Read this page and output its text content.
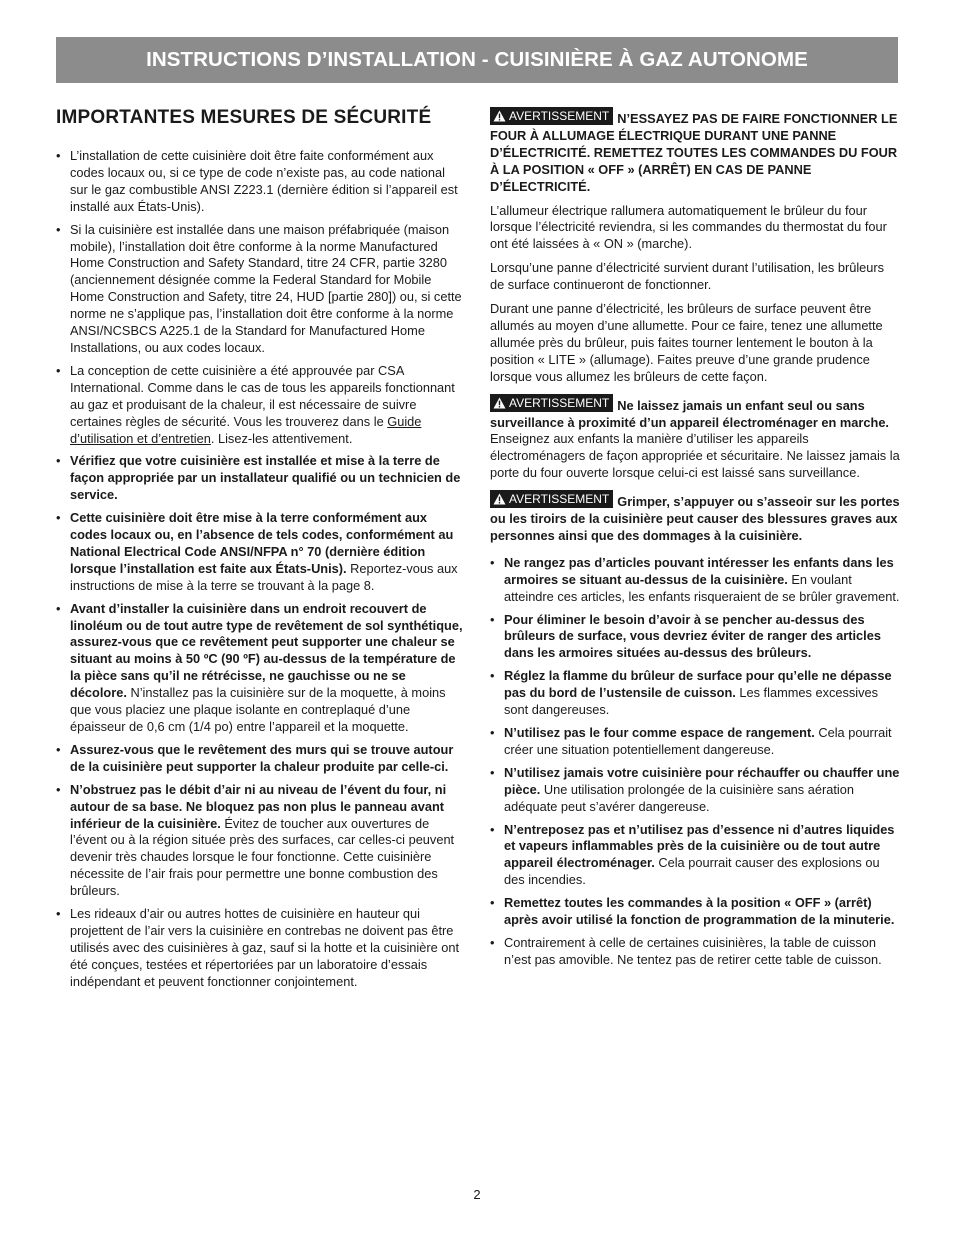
INSTRUCTIONS D’INSTALLATION - CUISINIÈRE À GAZ AUTONOME
IMPORTANTES MESURES DE SÉCURITÉ
• L’installation de cette cuisinière doit être faite conformément aux codes locaux ou, si ce type de code n’existe pas, au code national sur le gaz combustible ANSI Z223.1 (dernière édition si l’appareil est installé aux États-Unis).
• Si la cuisinière est installée dans une maison préfabriquée (maison mobile), l’installation doit être conforme à la norme Manufactured Home Construction and Safety Standard, titre 24 CFR, partie 3280 (anciennement désignée comme la Federal Standard for Mobile Home Construction and Safety, titre 24, HUD [partie 280]) ou, si cette norme ne s’applique pas, l’installation doit être conforme à la norme ANSI/NCSBCS A225.1 de la Standard for Manufactured Home Installations, ou aux codes locaux.
• La conception de cette cuisinière a été approuvée par CSA International. Comme dans le cas de tous les appareils fonctionnant au gaz et produisant de la chaleur, il est nécessaire de suivre certaines règles de sécurité. Vous les trouverez dans le Guide d’utilisation et d’entretien. Lisez-les attentivement.
• Vérifiez que votre cuisinière est installée et mise à la terre de façon appropriée par un installateur qualifié ou un technicien de service.
• Cette cuisinière doit être mise à la terre conformément aux codes locaux ou, en l’absence de tels codes, conformément au National Electrical Code ANSI/NFPA n° 70 (dernière édition lorsque l’installation est faite aux États-Unis). Reportez-vous aux instructions de mise à la terre se trouvant à la page 8.
• Avant d’installer la cuisinière dans un endroit recouvert de linoléum ou de tout autre type de revêtement de sol synthétique, assurez-vous que ce revêtement peut supporter une chaleur se situant au moins à 50 ºC (90 ºF) au-dessus de la température de la pièce sans qu’il ne rétrécisse, ne gauchisse ou ne se décolore. N’installez pas la cuisinière sur de la moquette, à moins que vous placiez une plaque isolante en contreplaqué d’une épaisseur de 0,6 cm (1/4 po) entre l’appareil et la moquette.
• Assurez-vous que le revêtement des murs qui se trouve autour de la cuisinière peut supporter la chaleur produite par celle-ci.
• N’obstruez pas le débit d’air ni au niveau de l’évent du four, ni autour de sa base. Ne bloquez pas non plus le panneau avant inférieur de la cuisinière. Évitez de toucher aux ouvertures de l’évent ou à la région située près des surfaces, car celles-ci peuvent devenir très chaudes lorsque le four fonctionne. Cette cuisinière nécessite de l’air frais pour permettre une bonne combustion des brûleurs.
• Les rideaux d’air ou autres hottes de cuisinière en hauteur qui projettent de l’air vers la cuisinière en contrebas ne doivent pas être utilisés avec des cuisinières à gaz, sauf si la hotte et la cuisinière ont été conçues, testées et répertoriées par un laboratoire d’essais indépendant et peuvent fonctionner conjointement.
AVERTISSEMENT N’ESSAYEZ PAS DE FAIRE FONCTIONNER LE FOUR À ALLUMAGE ÉLECTRIQUE DURANT UNE PANNE D’ÉLECTRICITÉ. REMETTEZ TOUTES LES COMMANDES DU FOUR À LA POSITION « OFF » (ARRÊT) EN CAS DE PANNE D’ÉLECTRICITÉ.

L’allumeur électrique rallumera automatiquement le brûleur du four lorsque l’électricité reviendra, si les commandes du thermostat du four ont été laissées à « ON » (marche).

Lorsqu’une panne d’électricité survient durant l’utilisation, les brûleurs de surface continueront de fonctionner.

Durant une panne d’électricité, les brûleurs de surface peuvent être allumés au moyen d’une allumette. Pour ce faire, tenez une allumette allumée près du brûleur, puis faites tourner lentement le bouton à la position « LITE » (allumage). Faites preuve d’une grande prudence lorsque vous allumez les brûleurs de cette façon.

AVERTISSEMENT Ne laissez jamais un enfant seul ou sans surveillance à proximité d’un appareil électroménager en marche. Enseignez aux enfants la manière d’utiliser les appareils électroménagers de façon appropriée et sécuritaire. Ne laissez jamais la porte du four ouverte lorsque celui-ci est laissé sans surveillance.
AVERTISSEMENT Grimper, s’appuyer ou s’asseoir sur les portes ou les tiroirs de la cuisinière peut causer des blessures graves aux personnes ainsi que des dommages à la cuisinière.
• Ne rangez pas d’articles pouvant intéresser les enfants dans les armoires se situant au-dessus de la cuisinière. En voulant atteindre ces articles, les enfants risqueraient de se brûler gravement.
• Pour éliminer le besoin d’avoir à se pencher au-dessus des brûleurs de surface, vous devriez éviter de ranger des articles dans les armoires situées au-dessus des brûleurs.
• Réglez la flamme du brûleur de surface pour qu’elle ne dépasse pas du bord de l’ustensile de cuisson. Les flammes excessives sont dangereuses.
• N’utilisez pas le four comme espace de rangement. Cela pourrait créer une situation potentiellement dangereuse.
• N’utilisez jamais votre cuisinière pour réchauffer ou chauffer une pièce. Une utilisation prolongée de la cuisinière sans aération adéquate peut s’avérer dangereuse.
• N’entreposez pas et n’utilisez pas d’essence ni d’autres liquides et vapeurs inflammables près de la cuisinière ou de tout autre appareil électroménager. Cela pourrait causer des explosions ou des incendies.
• Remettez toutes les commandes à la position « OFF » (arrêt) après avoir utilisé la fonction de programmation de la minuterie.
• Contrairement à celle de certaines cuisinières, la table de cuisson n’est pas amovible. Ne tentez pas de retirer cette table de cuisson.
2
